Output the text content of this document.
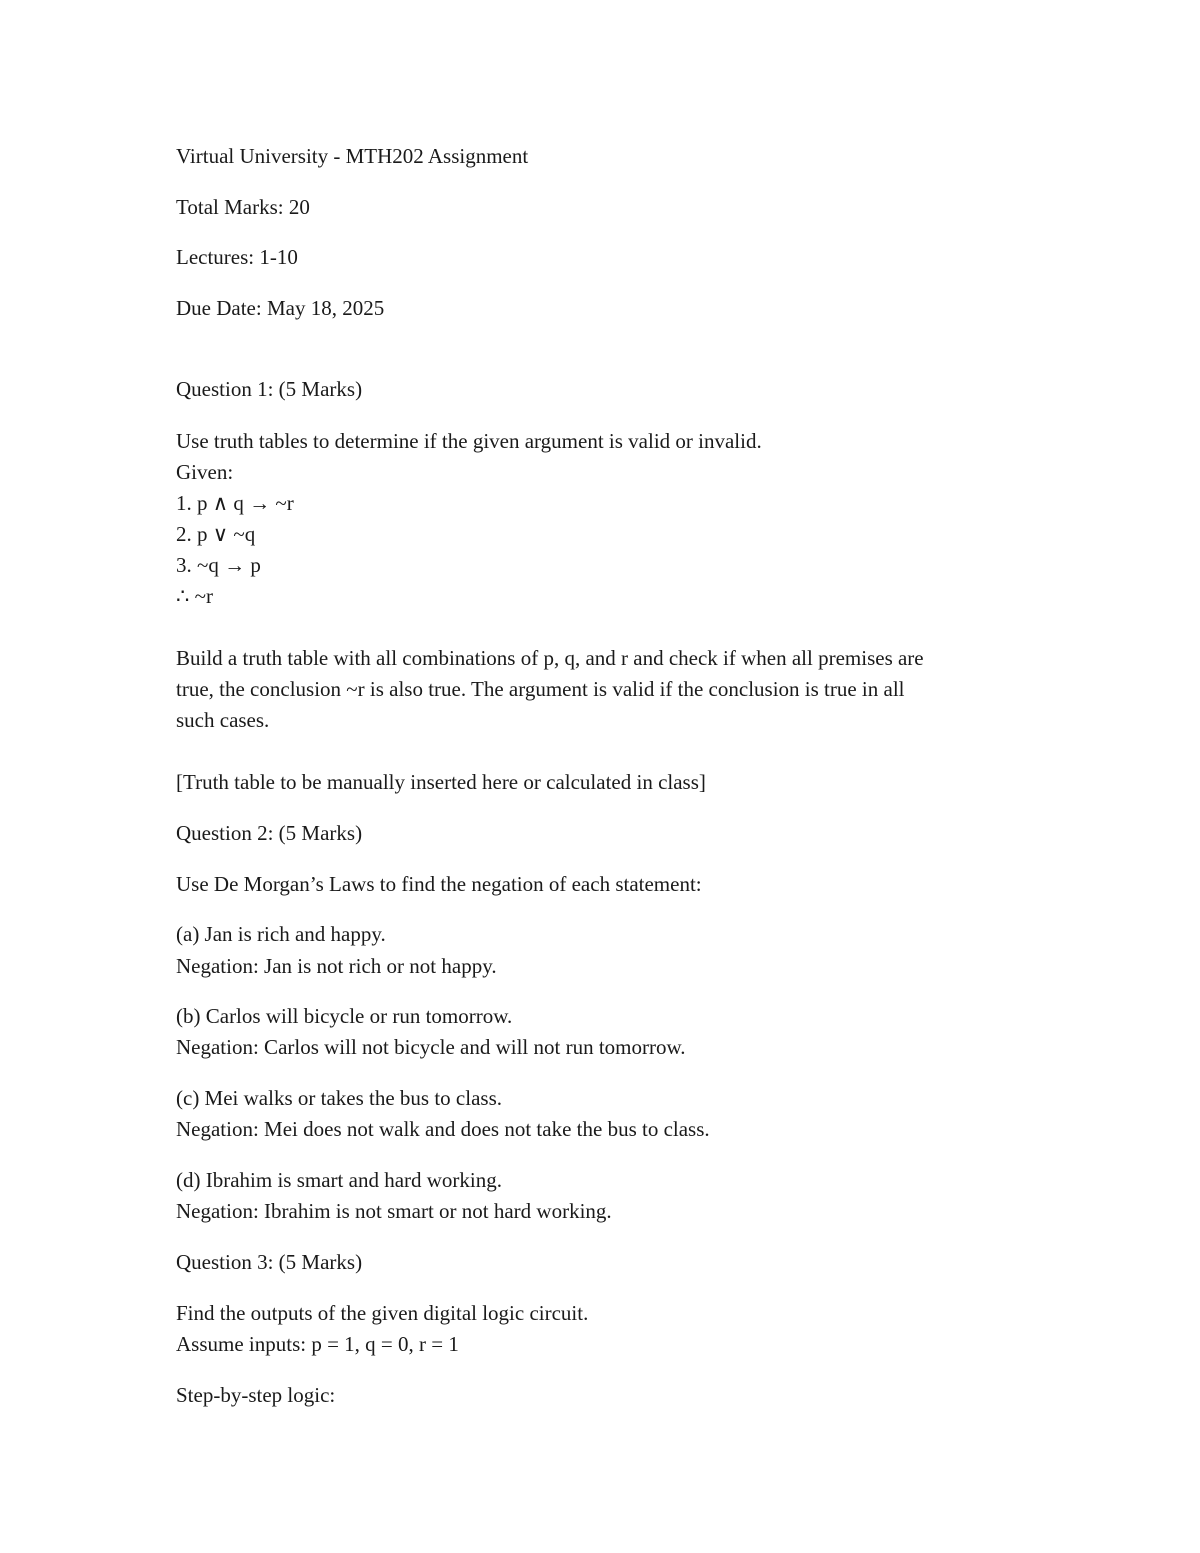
Virtual University - MTH202 Assignment

Total Marks: 20

Lectures: 1-10

Due Date: May 18, 2025

Question 1: (5 Marks)

Use truth tables to determine if the given argument is valid or invalid.

Given:

1. p ∧ q → ~r

2. p ∨ ~q

3. ~q → p

∴ ~r

Build a truth table with all combinations of p, q, and r and check if when all premises are

true, the conclusion ~r is also true. The argument is valid if the conclusion is true in all

such cases.

[Truth table to be manually inserted here or calculated in class]

Question 2: (5 Marks)

Use De Morgan’s Laws to find the negation of each statement:

(a) Jan is rich and happy.

Negation: Jan is not rich or not happy.

(b) Carlos will bicycle or run tomorrow.

Negation: Carlos will not bicycle and will not run tomorrow.

(c) Mei walks or takes the bus to class.

Negation: Mei does not walk and does not take the bus to class.

(d) Ibrahim is smart and hard working.

Negation: Ibrahim is not smart or not hard working.

Question 3: (5 Marks)

Find the outputs of the given digital logic circuit.

Assume inputs: p = 1, q = 0, r = 1

Step-by-step logic:
